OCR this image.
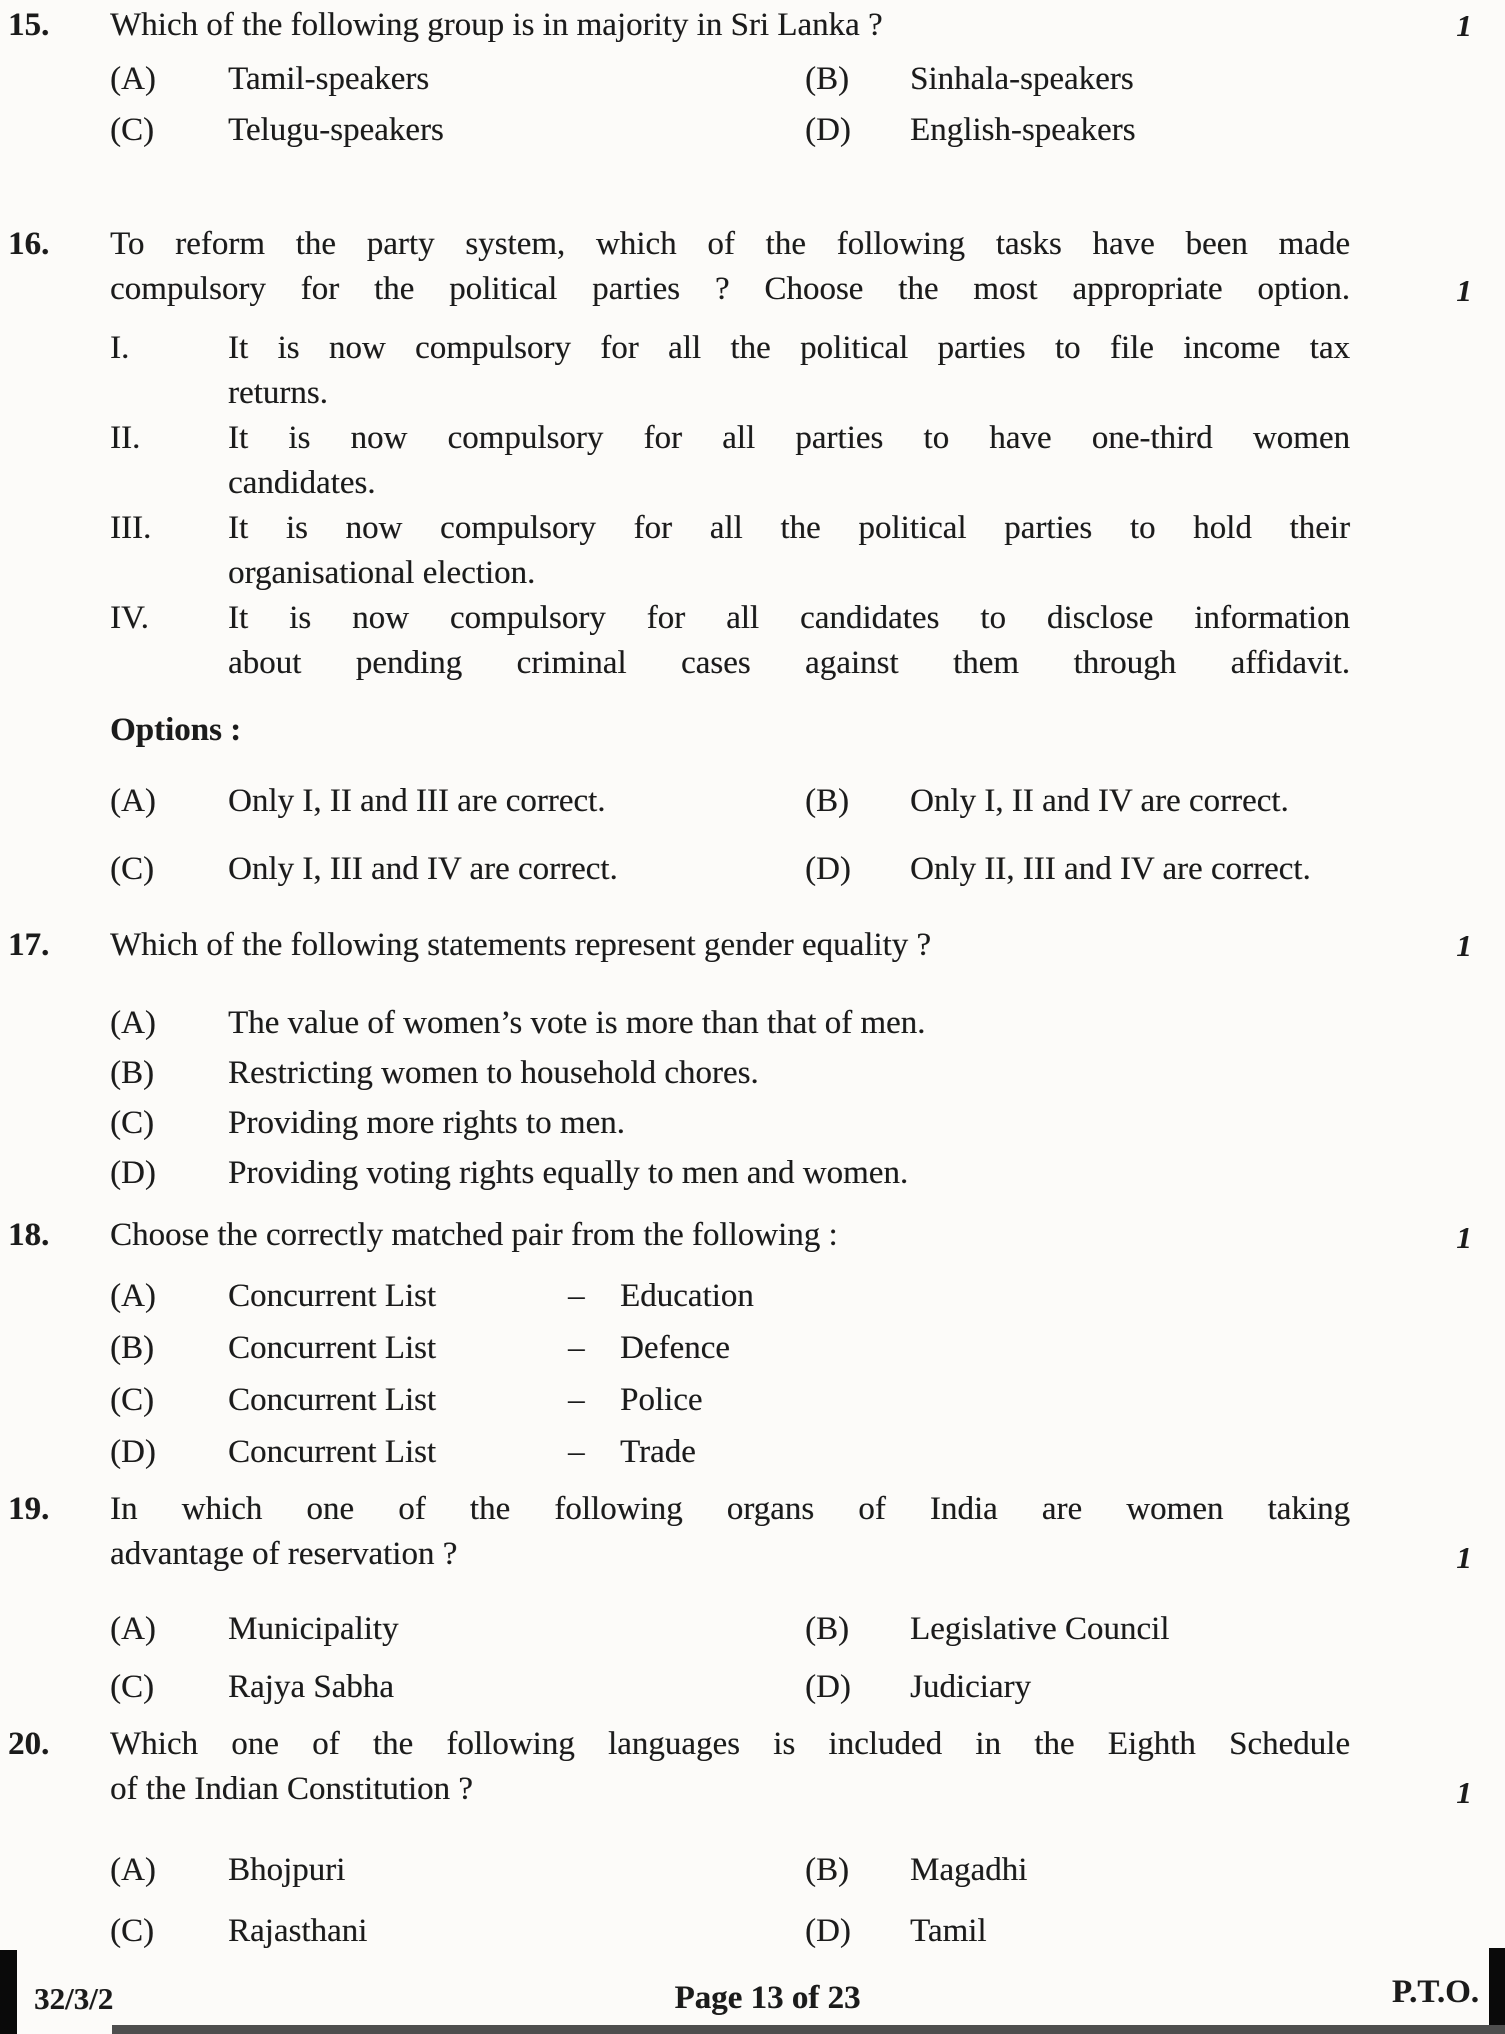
15.	Which of the following group is in majority in Sri Lanka ?
(A)	Tamil-speakers	(B)	Sinhala-speakers
(C)	Telugu-speakers	(D)	English-speakers
1
16.	To reform the party system, which of the following tasks have been made
compulsory for the political parties ? Choose the most appropriate option.
I.	It is now compulsory for all the political parties to file income tax
returns.
II.	It is now compulsory for all parties to have one-third women
candidates.
III.	It is now compulsory for all the political parties to hold their
organisational election.
IV.	It is now compulsory for all candidates to disclose information
about pending criminal cases against them through affidavit.
Options :
(A)	Only I, II and III are correct.	(B)	Only I, II and IV are correct.
(C)	Only I, III and IV are correct.	(D)	Only II, III and IV are correct.
1
17.	Which of the following statements represent gender equality ?
(A)	The value of women’s vote is more than that of men.
(B)	Restricting women to household chores.
(C)	Providing more rights to men.
(D)	Providing voting rights equally to men and women.
1
18.	Choose the correctly matched pair from the following :
(A)	Concurrent List	–	Education
(B)	Concurrent List	–	Defence
(C)	Concurrent List	–	Police
(D)	Concurrent List	–	Trade
1
19.	In which one of the following organs of India are women taking
advantage of reservation ?
(A)	Municipality	(B)	Legislative Council
(C)	Rajya Sabha	(D)	Judiciary
1
20.	Which one of the following languages is included in the Eighth Schedule
of the Indian Constitution ?
(A)	Bhojpuri	(B)	Magadhi
(C)	Rajasthani	(D)	Tamil
1
32/3/2	Page 13 of 23	P.T.O.
